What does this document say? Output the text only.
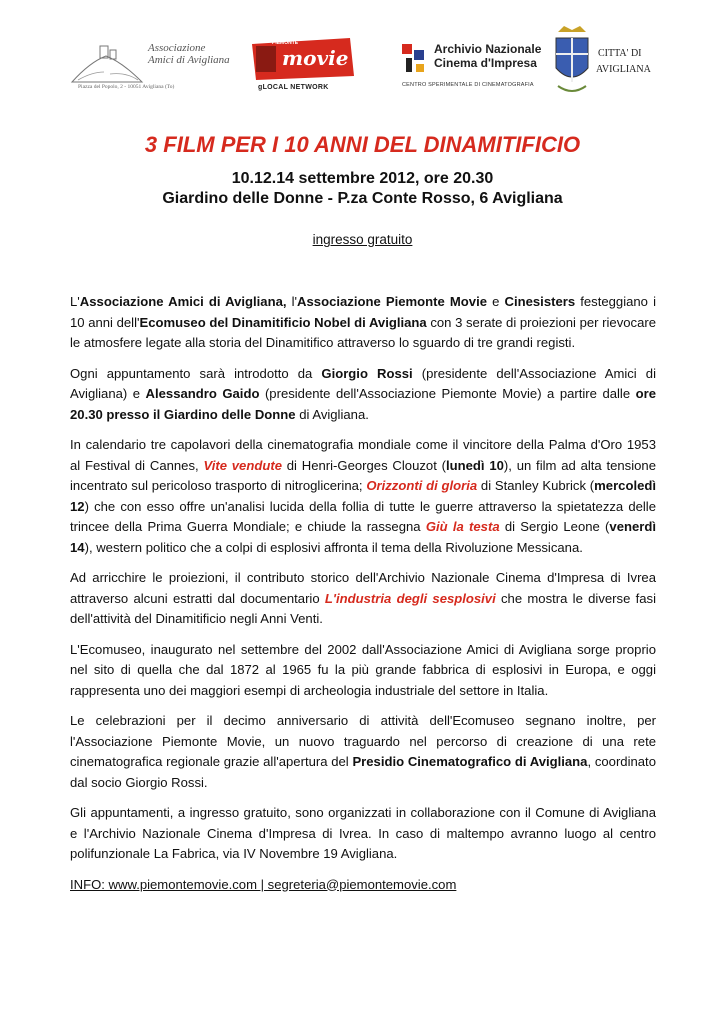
Associazione
Amici di Avigliana
Piazza del Popolo, 2 - 10051 Avigliana (To)
PIEMONTE
movie
gLOCAL NETWORK
Archivio Nazionale
Cinema d'Impresa
CENTRO SPERIMENTALE DI CINEMATOGRAFIA
CITTA' DI
AVIGLIANA
3 FILM PER I 10 ANNI DEL DINAMITIFICIO
10.12.14 settembre 2012, ore 20.30
Giardino delle Donne - P.za Conte Rosso, 6 Avigliana
ingresso gratuito

L'Associazione Amici di Avigliana, l'Associazione Piemonte Movie e Cinesisters festeggiano i 10 anni dell'Ecomuseo del Dinamitificio Nobel di Avigliana con 3 serate di proiezioni per rievocare le atmosfere legate alla storia del Dinamitifico attraverso lo sguardo di tre grandi registi.

Ogni appuntamento sarà introdotto da Giorgio Rossi (presidente dell'Associazione Amici di Avigliana) e Alessandro Gaido (presidente dell'Associazione Piemonte Movie) a partire dalle ore 20.30 presso il Giardino delle Donne di Avigliana.

In calendario tre capolavori della cinematografia mondiale come il vincitore della Palma d'Oro 1953 al Festival di Cannes, Vite vendute di Henri-Georges Clouzot (lunedì 10), un film ad alta tensione incentrato sul pericoloso trasporto di nitroglicerina; Orizzonti di gloria di Stanley Kubrick (mercoledì 12) che con esso offre un'analisi lucida della follia di tutte le guerre attraverso la spietatezza delle trincee della Prima Guerra Mondiale; e chiude la rassegna Giù la testa di Sergio Leone (venerdì 14), western politico che a colpi di esplosivi affronta il tema della Rivoluzione Messicana.

Ad arricchire le proiezioni, il contributo storico dell'Archivio Nazionale Cinema d'Impresa di Ivrea attraverso alcuni estratti dal documentario L'industria degli sesplosivi che mostra le diverse fasi dell'attività del Dinamitificio negli Anni Venti.

L'Ecomuseo, inaugurato nel settembre del 2002 dall'Associazione Amici di Avigliana sorge proprio nel sito di quella che dal 1872 al 1965 fu la più grande fabbrica di esplosivi in Europa, e oggi rappresenta uno dei maggiori esempi di archeologia industriale del settore in Italia.

Le celebrazioni per il decimo anniversario di attività dell'Ecomuseo segnano inoltre, per l'Associazione Piemonte Movie, un nuovo traguardo nel percorso di creazione di una rete cinematografica regionale grazie all'apertura del Presidio Cinematografico di Avigliana, coordinato dal socio Giorgio Rossi.

Gli appuntamenti, a ingresso gratuito, sono organizzati in collaborazione con il Comune di Avigliana e l'Archivio Nazionale Cinema d'Impresa di Ivrea. In caso di maltempo avranno luogo al centro polifunzionale La Fabrica, via IV Novembre 19 Avigliana.

INFO: www.piemontemovie.com | segreteria@piemontemovie.com
